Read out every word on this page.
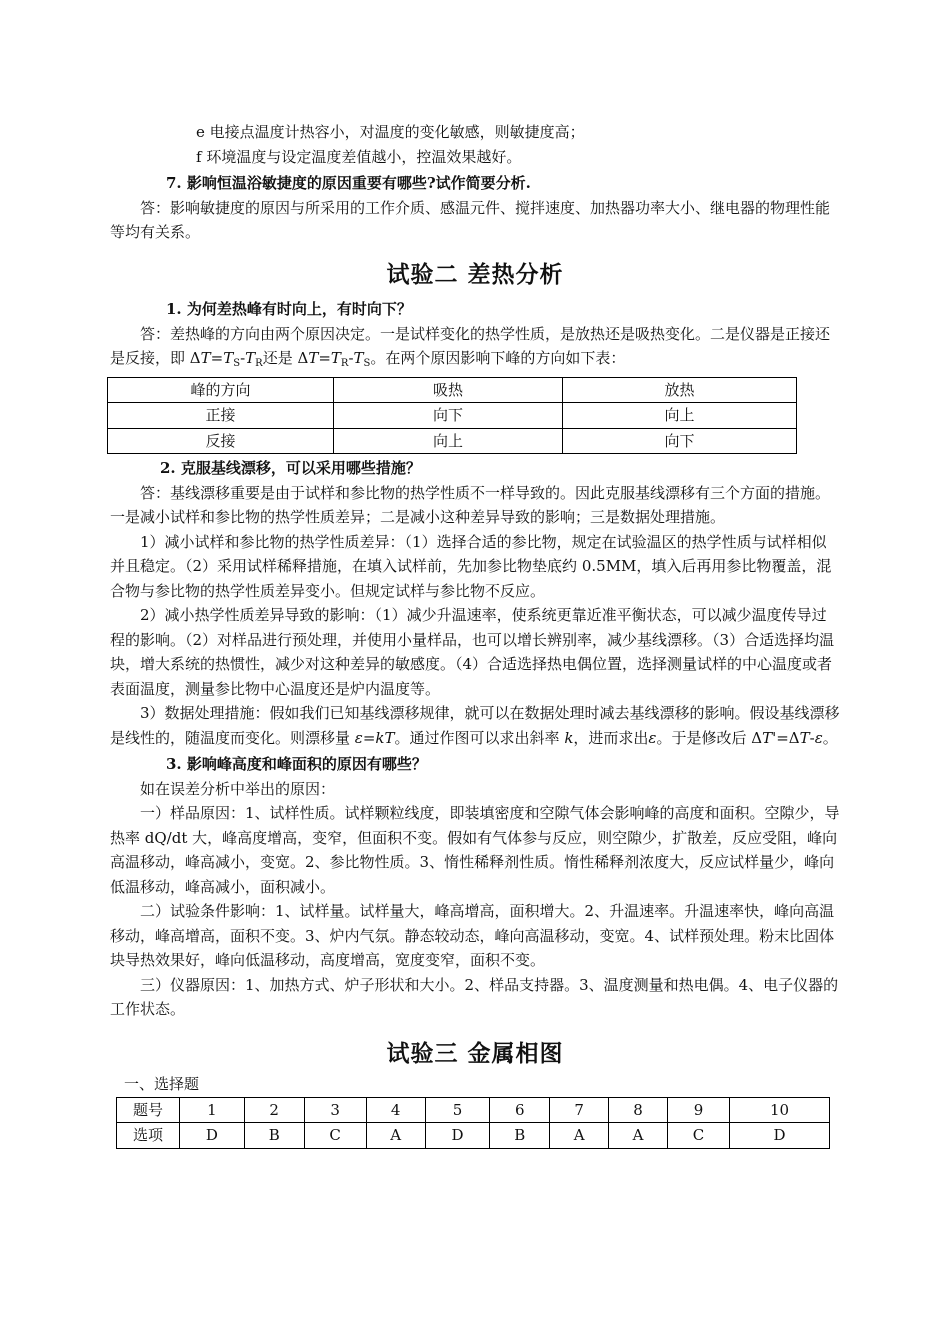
e 电接点温度计热容小，对温度的变化敏感，则敏捷度高；

f 环境温度与设定温度差值越小，控温效果越好。

7. 影响恒温浴敏捷度的原因重要有哪些?试作简要分析.

答：影响敏捷度的原因与所采用的工作介质、感温元件、搅拌速度、加热器功率大小、继电器的物理性能等均有关系。

试验二 差热分析

1. 为何差热峰有时向上，有时向下？

答：差热峰的方向由两个原因决定。一是试样变化的热学性质，是放热还是吸热变化。二是仪器是正接还是反接，即 $\Delta T=T_S-T_R$还是 $\Delta T=T_R-T_S$。在两个原因影响下峰的方向如下表：

峰的方向	吸热	放热
正接	向下	向上
反接	向上	向下

2. 克服基线漂移，可以采用哪些措施？

答：基线漂移重要是由于试样和参比物的热学性质不一样导致的。因此克服基线漂移有三个方面的措施。一是减小试样和参比物的热学性质差异；二是减小这种差异导致的影响；三是数据处理措施。

1）减小试样和参比物的热学性质差异：（1）选择合适的参比物，规定在试验温区的热学性质与试样相似并且稳定。（2）采用试样稀释措施，在填入试样前，先加参比物垫底约 0.5MM，填入后再用参比物覆盖，混合物与参比物的热学性质差异变小。但规定试样与参比物不反应。

2）减小热学性质差异导致的影响：（1）减少升温速率，使系统更靠近准平衡状态，可以减少温度传导过程的影响。（2）对样品进行预处理，并使用小量样品，也可以增长辨别率，减少基线漂移。（3）合适选择均温块，增大系统的热惯性，减少对这种差异的敏感度。（4）合适选择热电偶位置，选择测量试样的中心温度或者表面温度，测量参比物中心温度还是炉内温度等。

3）数据处理措施：假如我们已知基线漂移规律，就可以在数据处理时减去基线漂移的影响。假设基线漂移是线性的，随温度而变化。则漂移量 ε=kT。通过作图可以求出斜率 k，进而求出ε。于是修改后 ΔT'=ΔT-ε。

3. 影响峰高度和峰面积的原因有哪些？

如在误差分析中举出的原因：

一）样品原因：1、试样性质。试样颗粒线度，即装填密度和空隙气体会影响峰的高度和面积。空隙少，导热率 dQ/dt 大，峰高度增高，变窄，但面积不变。假如有气体参与反应，则空隙少，扩散差，反应受阻，峰向高温移动，峰高减小，变宽。2、参比物性质。3、惰性稀释剂性质。惰性稀释剂浓度大，反应试样量少，峰向低温移动，峰高减小，面积减小。

二）试验条件影响：1、试样量。试样量大，峰高增高，面积增大。2、升温速率。升温速率快，峰向高温移动，峰高增高，面积不变。3、炉内气氛。静态较动态，峰向高温移动，变宽。4、试样预处理。粉末比固体块导热效果好，峰向低温移动，高度增高，宽度变窄，面积不变。

三）仪器原因：1、加热方式、炉子形状和大小。2、样品支持器。3、温度测量和热电偶。4、电子仪器的工作状态。

试验三 金属相图

一、选择题

题号	1	2	3	4	5	6	7	8	9	10
选项	D	B	C	A	D	B	A	A	C	D
